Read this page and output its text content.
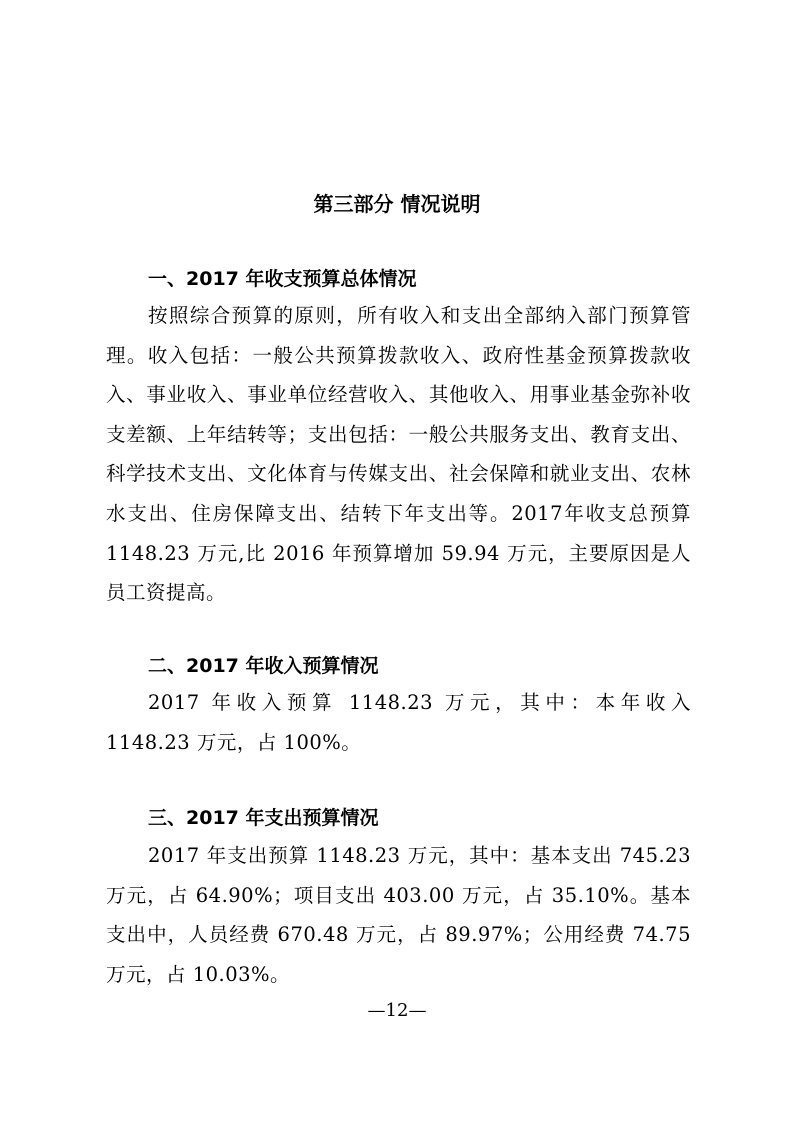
第三部分 情况说明
一、2017 年收支预算总体情况
按照综合预算的原则，所有收入和支出全部纳入部门预算管理。收入包括：一般公共预算拨款收入、政府性基金预算拨款收入、事业收入、事业单位经营收入、其他收入、用事业基金弥补收支差额、上年结转等；支出包括：一般公共服务支出、教育支出、科学技术支出、文化体育与传媒支出、社会保障和就业支出、农林水支出、住房保障支出、结转下年支出等。2017年收支总预算 1148.23 万元,比 2016 年预算增加 59.94 万元，主要原因是人员工资提高。
二、2017 年收入预算情况
2017 年收入预算 1148.23 万元，其中：本年收入 1148.23 万元，占 100%。
三、2017 年支出预算情况
2017 年支出预算 1148.23 万元，其中：基本支出 745.23 万元，占 64.90%；项目支出 403.00 万元，占 35.10%。基本支出中，人员经费 670.48 万元，占 89.97%；公用经费 74.75 万元，占 10.03%。
—12—
